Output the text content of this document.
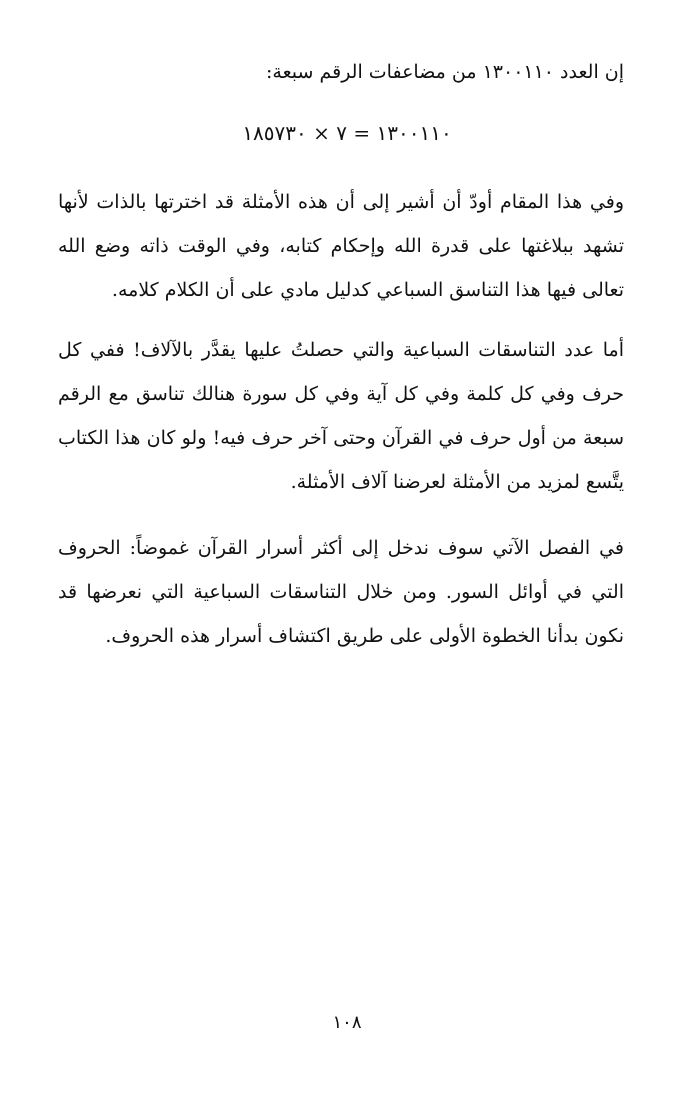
إن العدد ١٣٠٠١١٠ من مضاعفات الرقم سبعة:
١٣٠٠١١٠ = ٧ × ١٨٥٧٣٠

وفي هذا المقام أودّ أن أشير إلى أن هذه الأمثلة قد اخترتها بالذات لأنها تشهد ببلاغتها على قدرة الله وإحكام كتابه، وفي الوقت ذاته وضع الله تعالى فيها هذا التناسق السباعي كدليل مادي على أن الكلام كلامه.

أما عدد التناسقات السباعية والتي حصلتُ عليها يقدَّر بالآلاف! ففي كل حرف وفي كل كلمة وفي كل آية وفي كل سورة هنالك تناسق مع الرقم سبعة من أول حرف في القرآن وحتى آخر حرف فيه! ولو كان هذا الكتاب يتَّسع لمزيد من الأمثلة لعرضنا آلاف الأمثلة.

في الفصل الآتي سوف ندخل إلى أكثر أسرار القرآن غموضاً: الحروف التي في أوائل السور. ومن خلال التناسقات السباعية التي نعرضها قد نكون بدأنا الخطوة الأولى على طريق اكتشاف أسرار هذه الحروف.

١٠٨
